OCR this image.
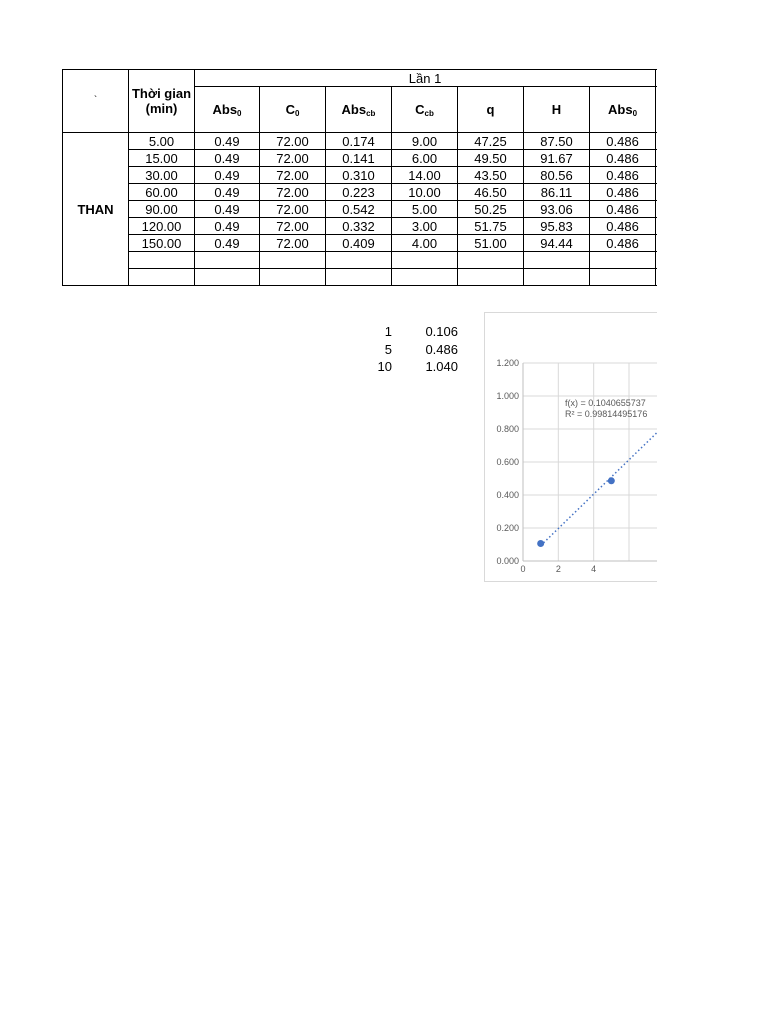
`	Thời gian (min)	Lần 1							
		Abs$_0$	$C_0$	Abs$_{cb}$	$C_{cb}$	q	H	Abs$_0$	
THAN	5.00	0.49	72.00	0.174	9.00	47.25	87.50	0.486	
	15.00	0.49	72.00	0.141	6.00	49.50	91.67	0.486	
	30.00	0.49	72.00	0.310	14.00	43.50	80.56	0.486	
	60.00	0.49	72.00	0.223	10.00	46.50	86.11	0.486	
	90.00	0.49	72.00	0.542	5.00	50.25	93.06	0.486	
	120.00	0.49	72.00	0.332	3.00	51.75	95.83	0.486	
	150.00	0.49	72.00	0.409	4.00	51.00	94.44	0.486	

1	0.106
5	0.486
10	1.040
0.000
0.200
0.400
0.600
0.800
1.000
1.200
0	2	4
f(x) = 0.1040655737
R² = 0.99814495176
